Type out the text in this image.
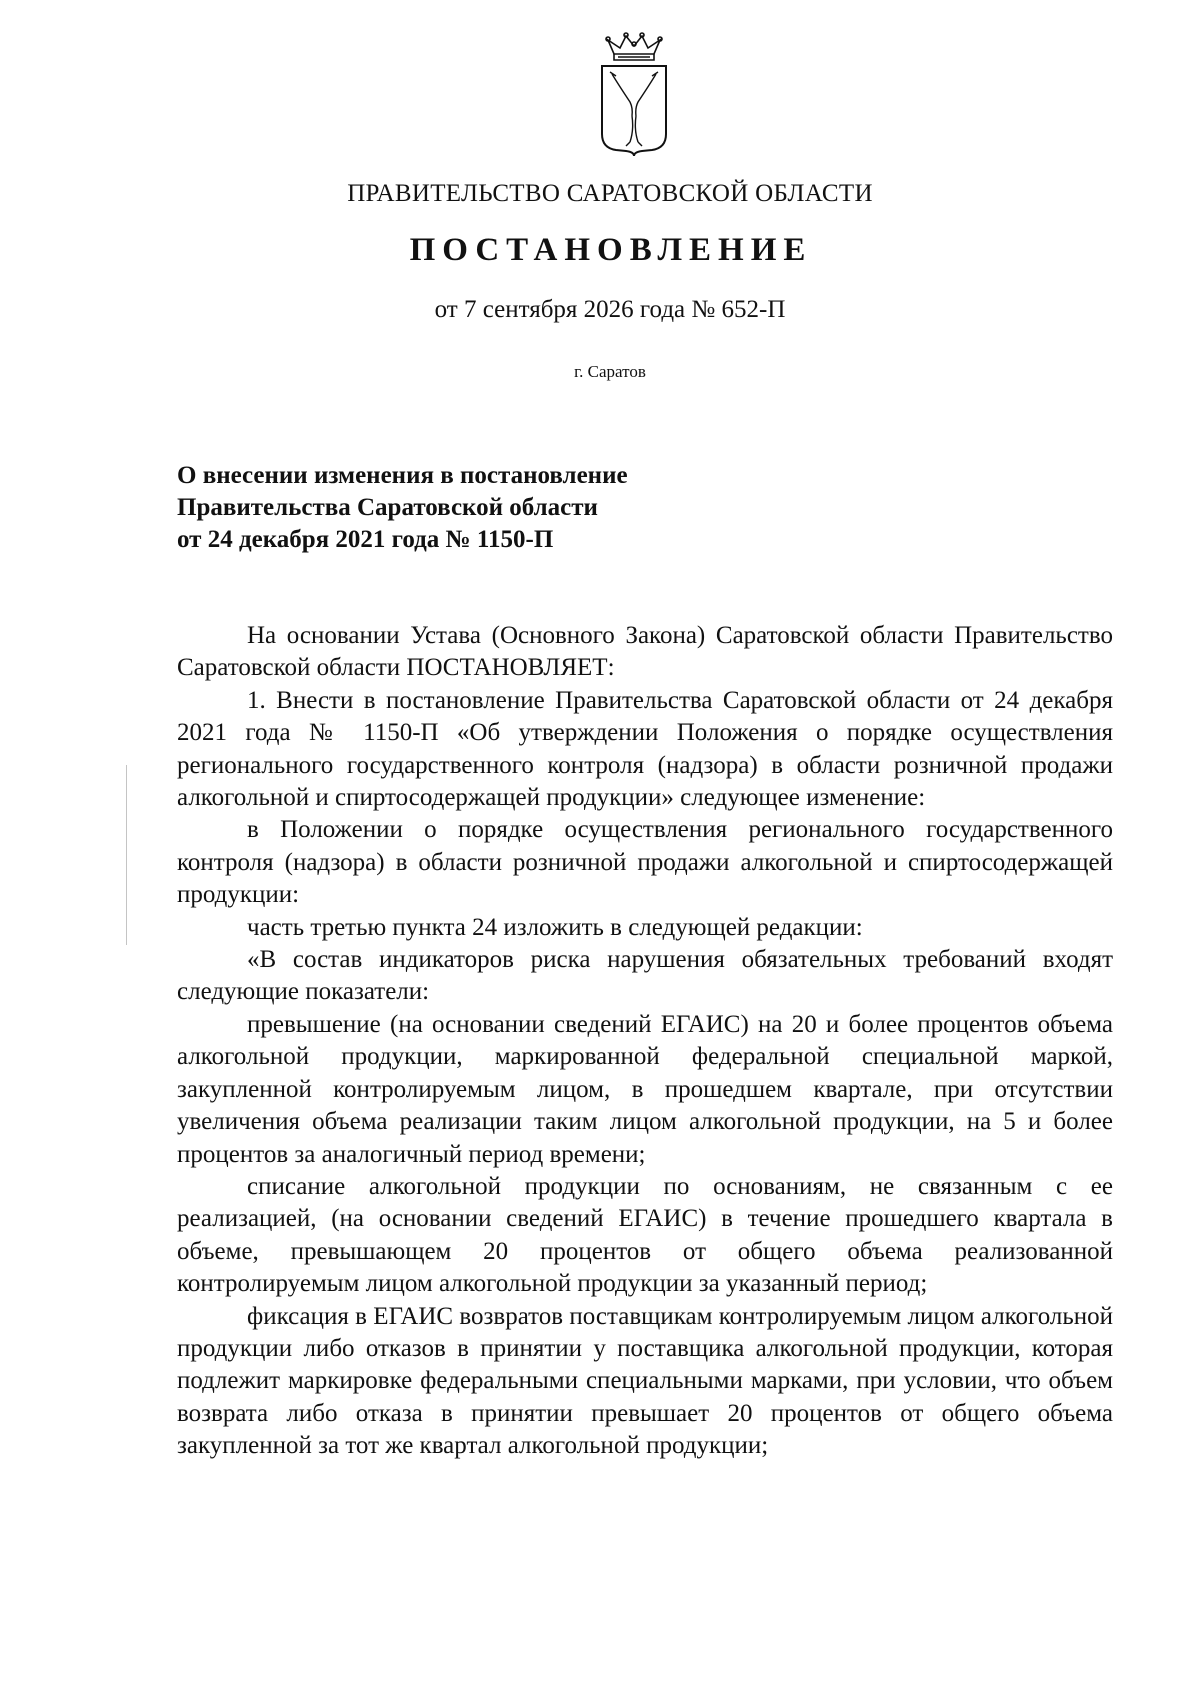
ПРАВИТЕЛЬСТВО САРАТОВСКОЙ ОБЛАСТИ
ПОСТАНОВЛЕНИЕ
от 7 сентября 2026 года № 652-П
г. Саратов
О внесении изменения в постановление
Правительства Саратовской области
от 24 декабря 2021 года № 1150-П

На основании Устава (Основного Закона) Саратовской области Правительство Саратовской области ПОСТАНОВЛЯЕТ:

1. Внести в постановление Правительства Саратовской области от 24 декабря 2021 года № 1150-П «Об утверждении Положения о порядке осуществления регионального государственного контроля (надзора) в области розничной продажи алкогольной и спиртосодержащей продукции» следующее изменение:

в Положении о порядке осуществления регионального государственного контроля (надзора) в области розничной продажи алкогольной и спиртосодержащей продукции:

часть третью пункта 24 изложить в следующей редакции:

«В состав индикаторов риска нарушения обязательных требований входят следующие показатели:

превышение (на основании сведений ЕГАИС) на 20 и более процентов объема алкогольной продукции, маркированной федеральной специальной маркой, закупленной контролируемым лицом, в прошедшем квартале, при отсутствии увеличения объема реализации таким лицом алкогольной продукции, на 5 и более процентов за аналогичный период времени;

списание алкогольной продукции по основаниям, не связанным с ее реализацией, (на основании сведений ЕГАИС) в течение прошедшего квартала в объеме, превышающем 20 процентов от общего объема реализованной контролируемым лицом алкогольной продукции за указанный период;

фиксация в ЕГАИС возвратов поставщикам контролируемым лицом алкогольной продукции либо отказов в принятии у поставщика алкогольной продукции, которая подлежит маркировке федеральными специальными марками, при условии, что объем возврата либо отказа в принятии превышает 20 процентов от общего объема закупленной за тот же квартал алкогольной продукции;
